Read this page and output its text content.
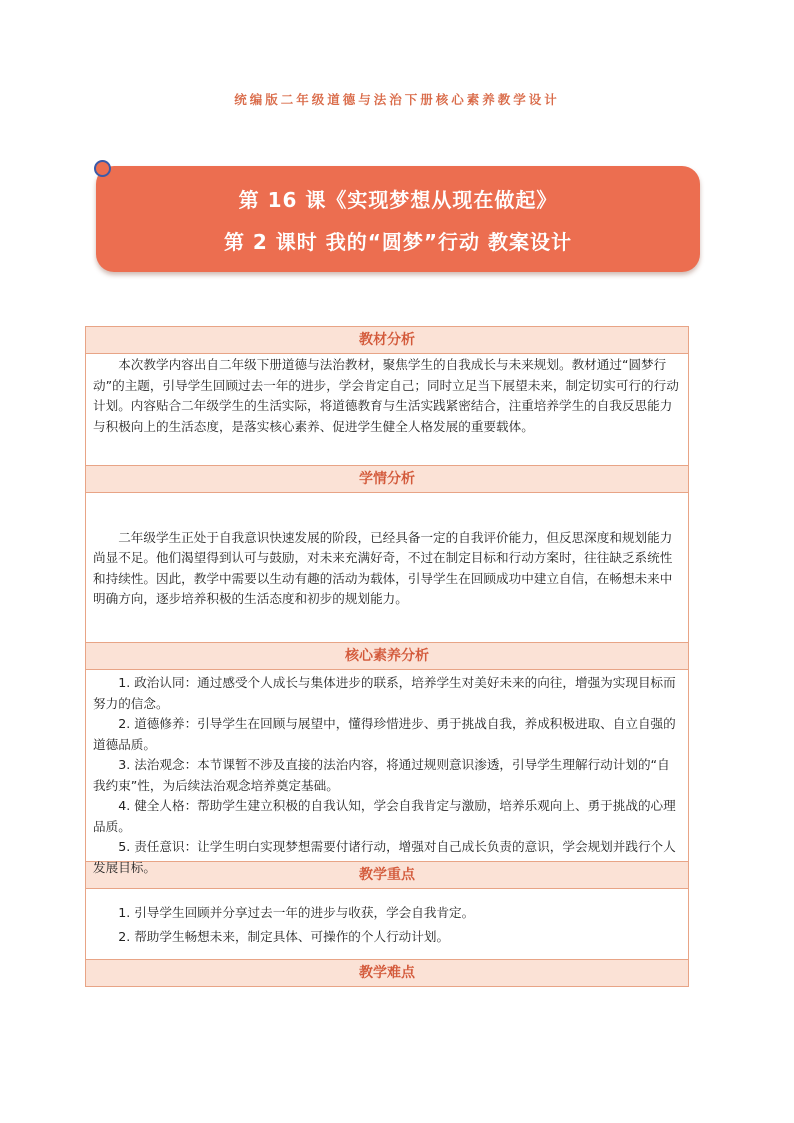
统编版二年级道德与法治下册核心素养教学设计
第 16 课《实现梦想从现在做起》
第 2 课时 我的“圆梦”行动 教案设计
教材分析

本次教学内容出自二年级下册道德与法治教材，聚焦学生的自我成长与未来规划。教材通过“圆梦行动”的主题，引导学生回顾过去一年的进步，学会肯定自己；同时立足当下展望未来，制定切实可行的行动计划。内容贴合二年级学生的生活实际，将道德教育与生活实践紧密结合，注重培养学生的自我反思能力与积极向上的生活态度，是落实核心素养、促进学生健全人格发展的重要载体。

学情分析

二年级学生正处于自我意识快速发展的阶段，已经具备一定的自我评价能力，但反思深度和规划能力尚显不足。他们渴望得到认可与鼓励，对未来充满好奇，不过在制定目标和行动方案时，往往缺乏系统性和持续性。因此，教学中需要以生动有趣的活动为载体，引导学生在回顾成功中建立自信，在畅想未来中明确方向，逐步培养积极的生活态度和初步的规划能力。

核心素养分析

1. 政治认同：通过感受个人成长与集体进步的联系，培养学生对美好未来的向往，增强为实现目标而努力的信念。

2. 道德修养：引导学生在回顾与展望中，懂得珍惜进步、勇于挑战自我，养成积极进取、自立自强的道德品质。

3. 法治观念：本节课暂不涉及直接的法治内容，将通过规则意识渗透，引导学生理解行动计划的“自我约束”性，为后续法治观念培养奠定基础。

4. 健全人格：帮助学生建立积极的自我认知，学会自我肯定与激励，培养乐观向上、勇于挑战的心理品质。

5. 责任意识：让学生明白实现梦想需要付诸行动，增强对自己成长负责的意识，学会规划并践行个人发展目标。	教学重点

1. 引导学生回顾并分享过去一年的进步与收获，学会自我肯定。

2. 帮助学生畅想未来，制定具体、可操作的个人行动计划。

教学难点
